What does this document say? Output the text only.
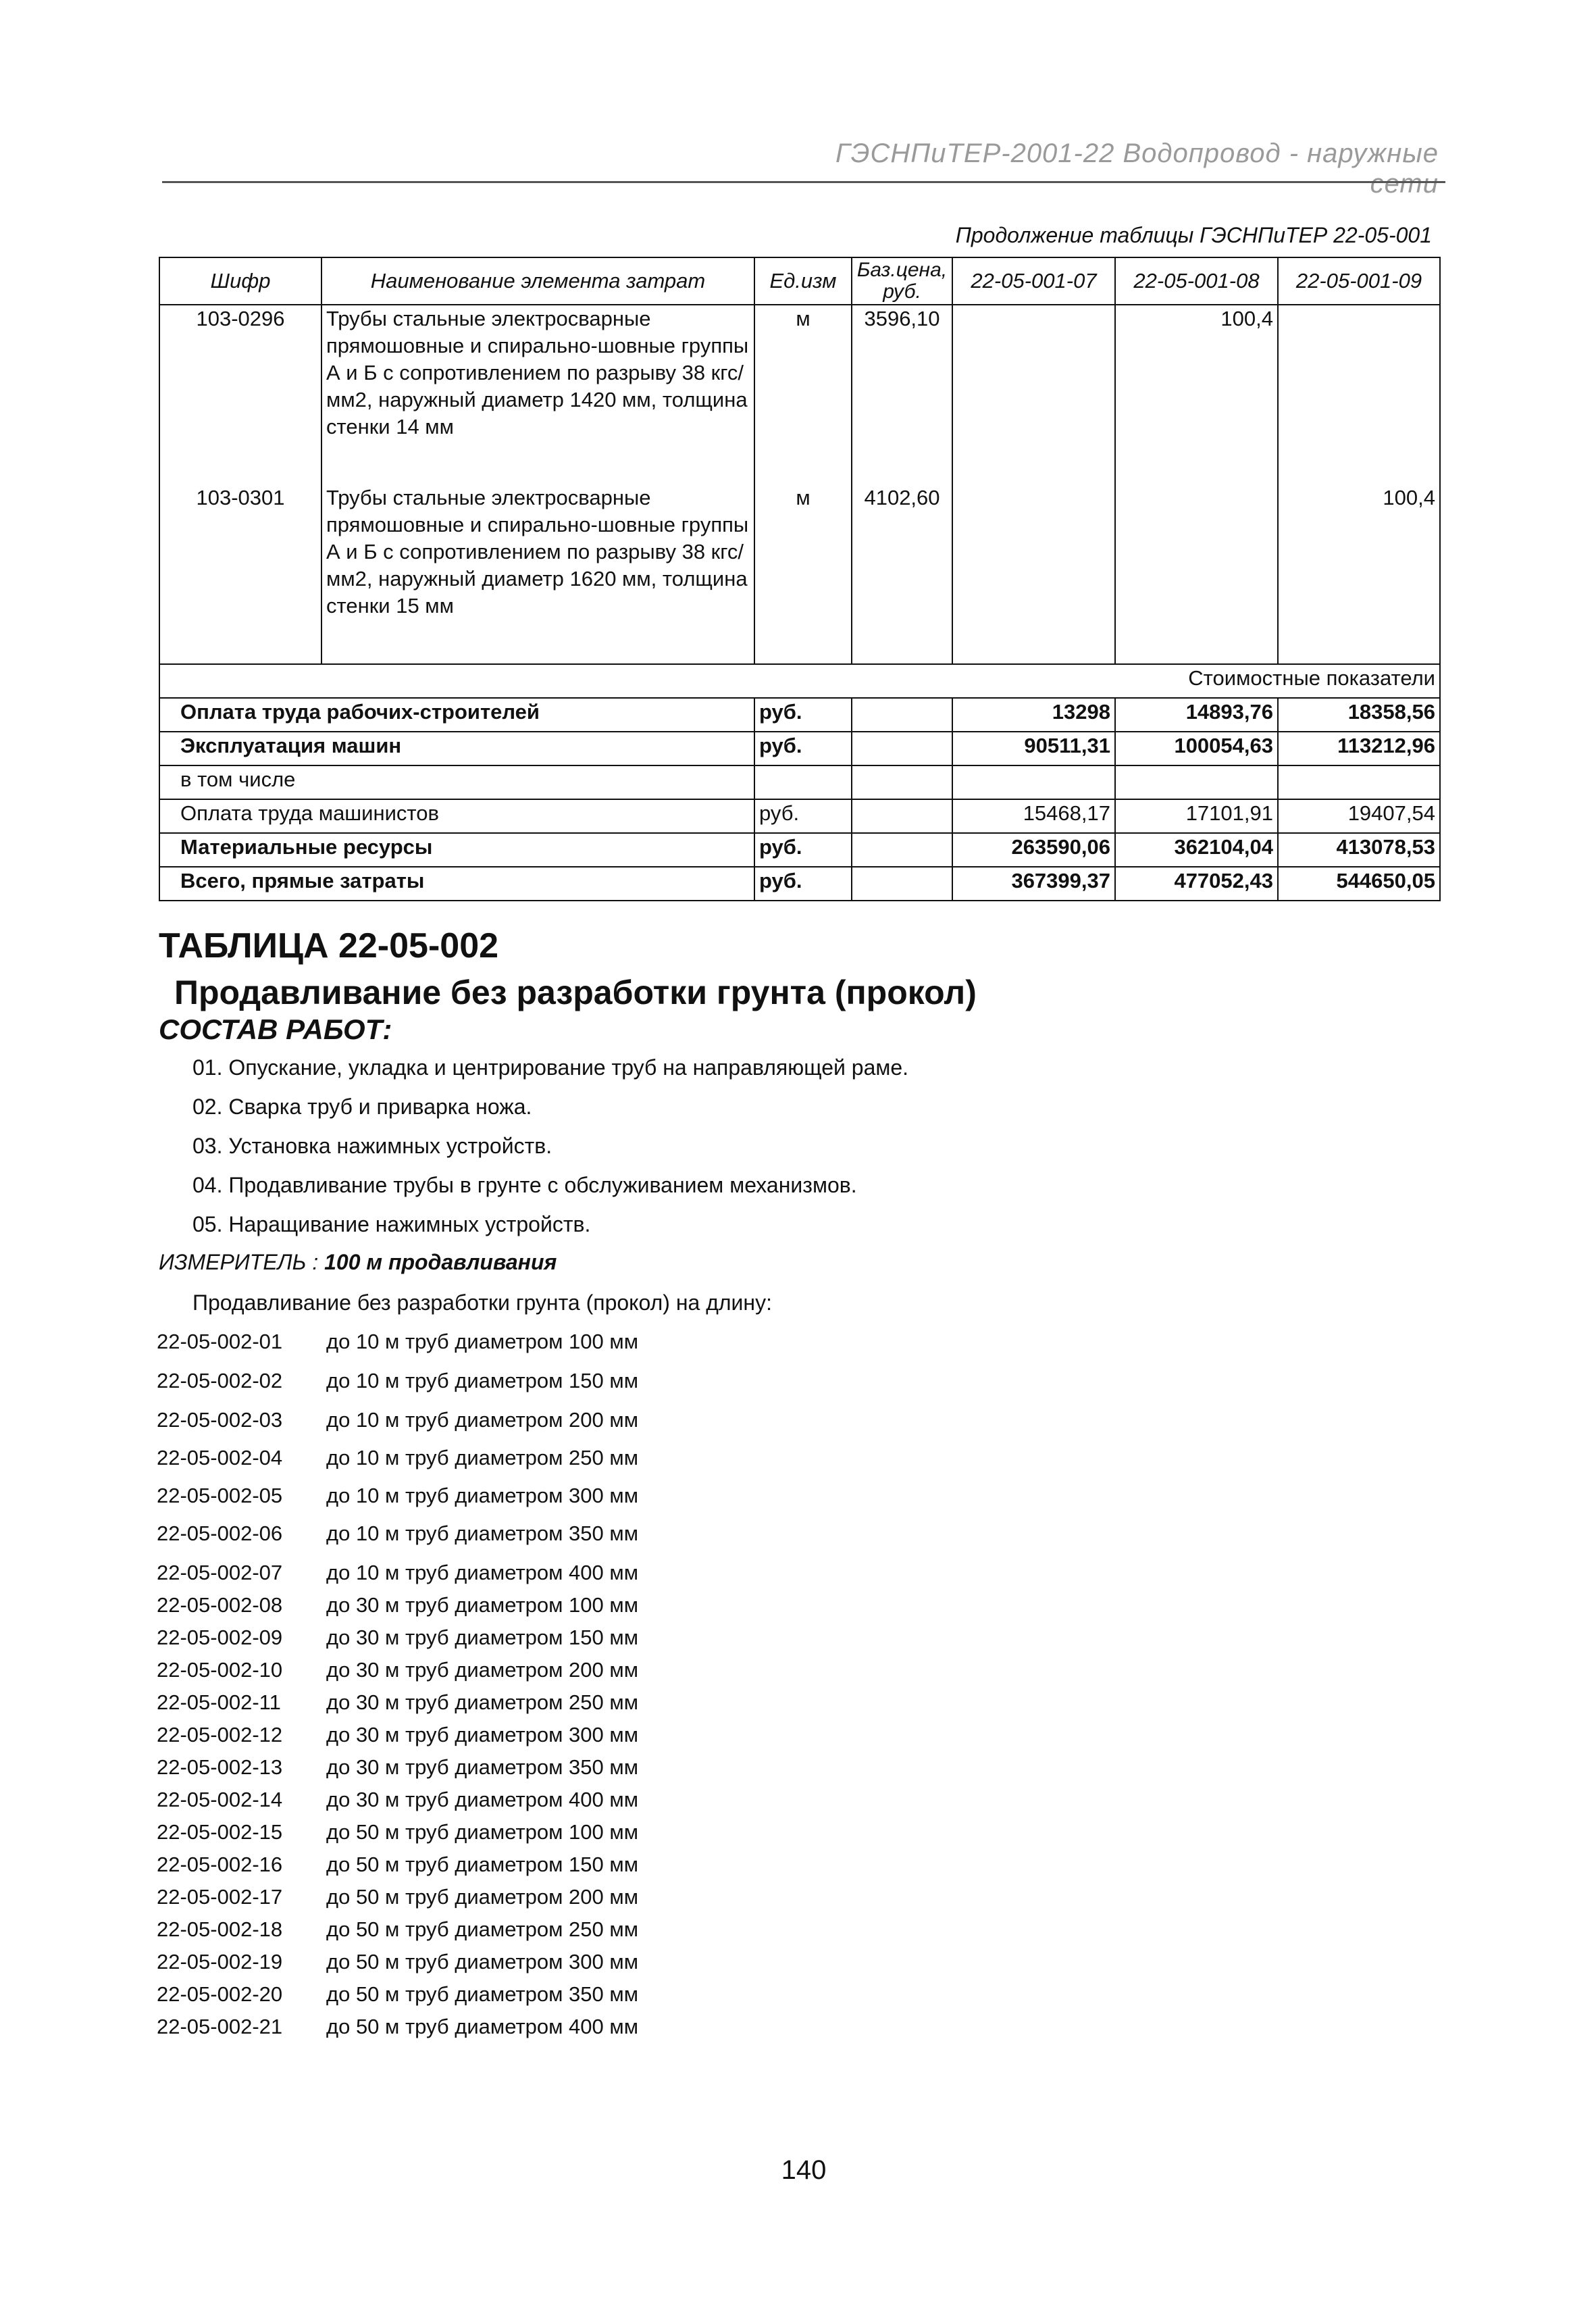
ГЭСНПиТЕР-2001-22 Водопровод - наружные сети
Продолжение таблицы ГЭСНПиТЕР 22-05-001
Шифр	Наименование элемента затрат	Ед.изм	Баз.цена, руб.	22-05-001-07	22-05-001-08	22-05-001-09
103-0296	Трубы стальные электросварные прямошовные и спирально-шовные группы А и Б с сопротивлением по разрыву 38 кгс/мм2, наружный диаметр 1420 мм, толщина стенки 14 мм	м	3596,10		100,4	
103-0301	Трубы стальные электросварные прямошовные и спирально-шовные группы А и Б с сопротивлением по разрыву 38 кгс/мм2, наружный диаметр 1620 мм, толщина стенки 15 мм	м	4102,60			100,4
Стоимостные показатели						
Оплата труда рабочих-строителей		руб.		13298	14893,76	18358,56
Эксплуатация машин		руб.		90511,31	100054,63	113212,96
в том числе						
Оплата труда машинистов		руб.		15468,17	17101,91	19407,54
Материальные ресурсы		руб.		263590,06	362104,04	413078,53
Всего, прямые затраты		руб.		367399,37	477052,43	544650,05
ТАБЛИЦА 22-05-002
Продавливание без разработки грунта (прокол)
СОСТАВ РАБОТ:
01. Опускание, укладка и центрирование труб на направляющей раме.
02. Сварка труб и приварка ножа.
03. Установка нажимных устройств.
04. Продавливание трубы в грунте с обслуживанием механизмов.
05. Наращивание нажимных устройств.
ИЗМЕРИТЕЛЬ : 100 м продавливания
Продавливание без разработки грунта (прокол) на длину:
22-05-002-01	до 10 м труб диаметром 100 мм
22-05-002-02	до 10 м труб диаметром 150 мм
22-05-002-03	до 10 м труб диаметром 200 мм
22-05-002-04	до 10 м труб диаметром 250 мм
22-05-002-05	до 10 м труб диаметром 300 мм
22-05-002-06	до 10 м труб диаметром 350 мм
22-05-002-07	до 10 м труб диаметром 400 мм
22-05-002-08	до 30 м труб диаметром 100 мм
22-05-002-09	до 30 м труб диаметром 150 мм
22-05-002-10	до 30 м труб диаметром 200 мм
22-05-002-11	до 30 м труб диаметром 250 мм
22-05-002-12	до 30 м труб диаметром 300 мм
22-05-002-13	до 30 м труб диаметром 350 мм
22-05-002-14	до 30 м труб диаметром 400 мм
22-05-002-15	до 50 м труб диаметром 100 мм
22-05-002-16	до 50 м труб диаметром 150 мм
22-05-002-17	до 50 м труб диаметром 200 мм
22-05-002-18	до 50 м труб диаметром 250 мм
22-05-002-19	до 50 м труб диаметром 300 мм
22-05-002-20	до 50 м труб диаметром 350 мм
22-05-002-21	до 50 м труб диаметром 400 мм
140
